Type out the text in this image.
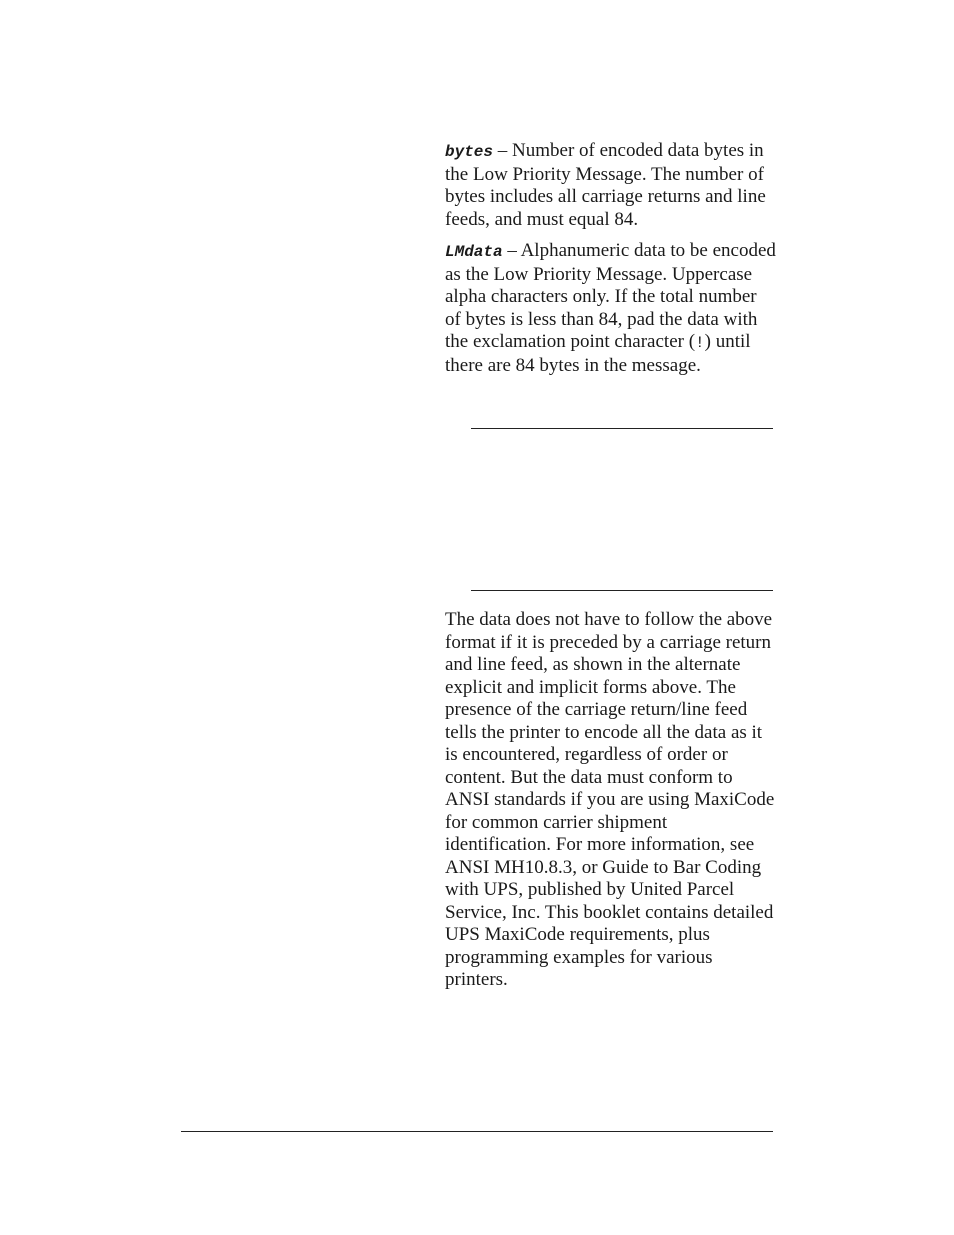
bytes – Number of encoded data bytes in the Low Priority Message. The number of bytes includes all carriage returns and line feeds, and must equal 84.

LMdata – Alphanumeric data to be encoded as the Low Priority Message. Uppercase alpha characters only. If the total number of bytes is less than 84, pad the data with the exclamation point character (!) until there are 84 bytes in the message.

The data does not have to follow the above format if it is preceded by a carriage return and line feed, as shown in the alternate explicit and implicit forms above. The presence of the carriage return/line feed tells the printer to encode all the data as it is encountered, regardless of order or content. But the data must conform to ANSI standards if you are using MaxiCode for common carrier shipment identification. For more information, see ANSI MH10.8.3, or Guide to Bar Coding with UPS, published by United Parcel Service, Inc. This booklet contains detailed UPS MaxiCode requirements, plus programming examples for various printers.
